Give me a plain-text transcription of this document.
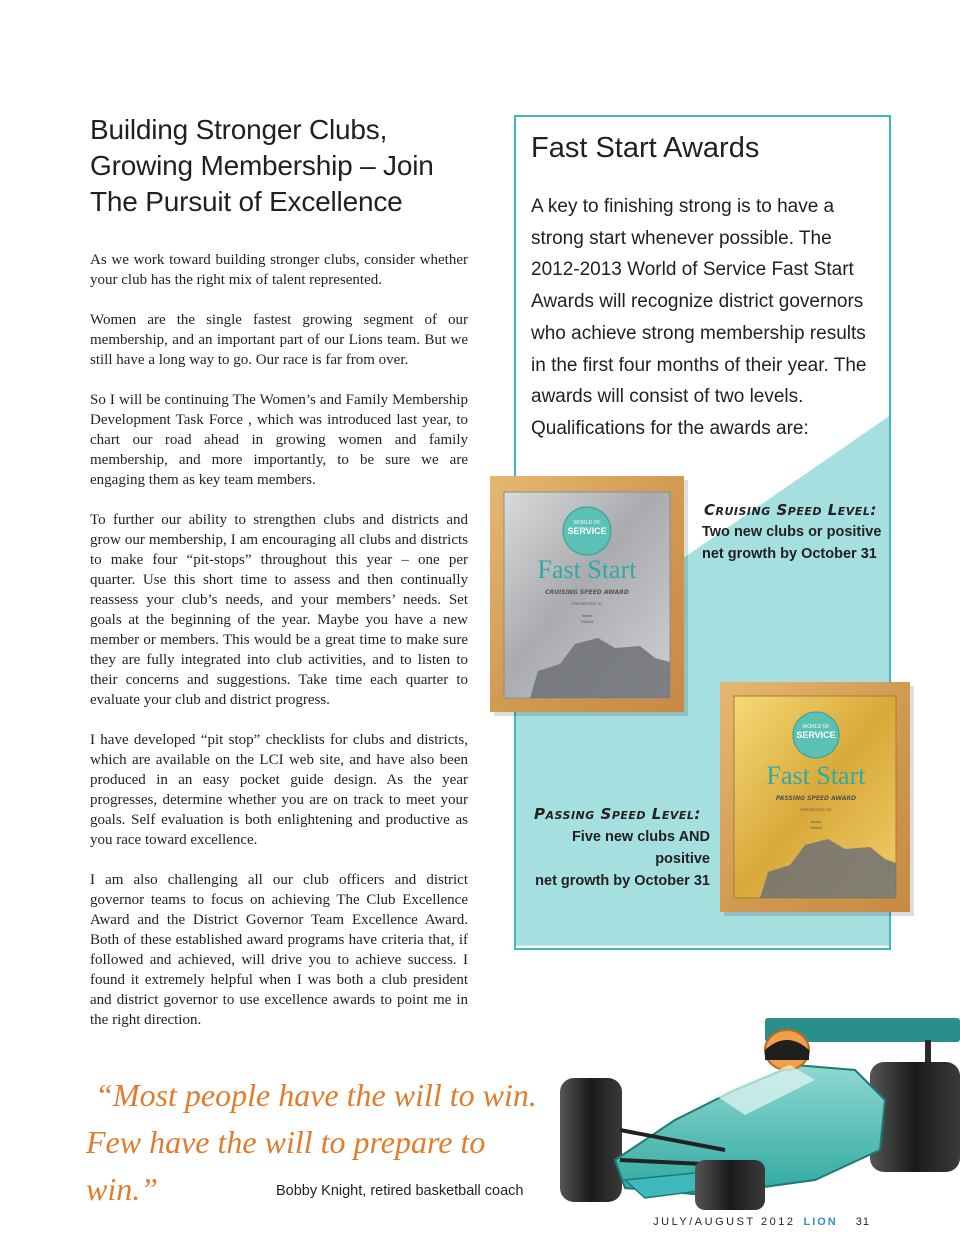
Building Stronger Clubs, Growing Membership – Join The Pursuit of Excellence

As we work toward building stronger clubs, consider whether your club has the right mix of talent represented.

Women are the single fastest growing segment of our membership, and an important part of our Lions team. But we still have a long way to go. Our race is far from over.

So I will be continuing The Women’s and Family Membership Development Task Force , which was introduced last year, to chart our road ahead in growing women and family membership, and more importantly, to be sure we are engaging them as key team members.

To further our ability to strengthen clubs and districts and grow our membership, I am encouraging all clubs and districts to make four “pit-stops” throughout this year – one per quarter. Use this short time to assess and then continually reassess your club’s needs, and your members’ needs. Set goals at the beginning of the year. Maybe you have a new member or members. This would be a great time to make sure they are fully integrated into club activities, and to listen to their concerns and suggestions. Take time each quarter to evaluate your club and district progress.

I have developed “pit stop” checklists for clubs and districts, which are available on the LCI web site, and have also been produced in an easy pocket guide design. As the year progresses, determine whether you are on track to meet your goals. Self evaluation is both enlightening and productive as you race toward excellence.

I am also challenging all our club officers and district governor teams to focus on achieving The Club Excellence Award and the District Governor Team Excellence Award. Both of these established award programs have criteria that, if followed and achieved, will drive you to achieve success. I found it extremely helpful when I was both a club president and district governor to use excellence awards to point me in the right direction.

Fast Start Awards
A key to finishing strong is to have a strong start whenever possible. The 2012-2013 World of Service Fast Start Awards will recognize district governors who achieve strong membership results in the first four months of their year. The awards will consist of two levels. Qualifications for the awards are:
WORLD OF
SERVICE
Fast Start
CRUISING SPEED AWARD
PRESENTED TO
Name
District
WORLD OF
SERVICE
Fast Start
PASSING SPEED AWARD
PRESENTED TO
Name
District
Cruising Speed Level:
Two new clubs or positive
net growth by October 31
Passing Speed Level:
Five new clubs AND positive
net growth by October 31
“Most people have the will to win.
Few have the will to prepare to win.”	Bobby Knight, retired basketball coach
JULY/AUGUST 2012 LION 31
